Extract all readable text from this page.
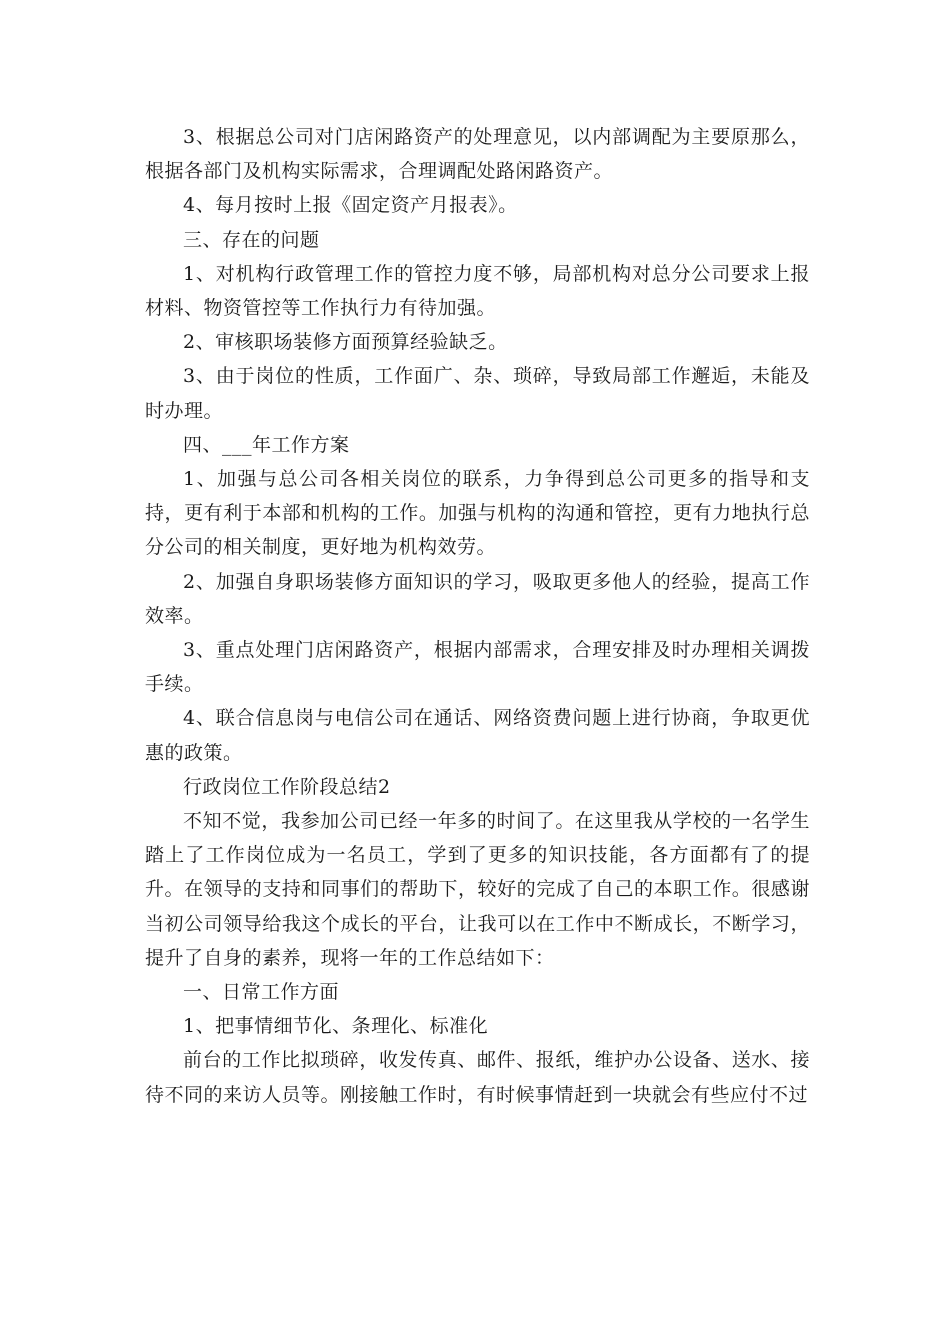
3、根据总公司对门店闲路资产的处理意见，以内部调配为主要原那么，根据各部门及机构实际需求，合理调配处路闲路资产。

4、每月按时上报《固定资产月报表》。

三、存在的问题

1、对机构行政管理工作的管控力度不够，局部机构对总分公司要求上报材料、物资管控等工作执行力有待加强。

2、审核职场装修方面预算经验缺乏。

3、由于岗位的性质，工作面广、杂、琐碎，导致局部工作邂逅，未能及时办理。

四、___年工作方案

1、加强与总公司各相关岗位的联系，力争得到总公司更多的指导和支持，更有利于本部和机构的工作。加强与机构的沟通和管控，更有力地执行总分公司的相关制度，更好地为机构效劳。

2、加强自身职场装修方面知识的学习，吸取更多他人的经验，提高工作效率。

3、重点处理门店闲路资产，根据内部需求，合理安排及时办理相关调拨手续。

4、联合信息岗与电信公司在通话、网络资费问题上进行协商，争取更优惠的政策。

行政岗位工作阶段总结2

不知不觉，我参加公司已经一年多的时间了。在这里我从学校的一名学生踏上了工作岗位成为一名员工，学到了更多的知识技能，各方面都有了的提升。在领导的支持和同事们的帮助下，较好的完成了自己的本职工作。很感谢当初公司领导给我这个成长的平台，让我可以在工作中不断成长，不断学习，提升了自身的素养，现将一年的工作总结如下：

一、日常工作方面

1、把事情细节化、条理化、标准化

前台的工作比拟琐碎，收发传真、邮件、报纸，维护办公设备、送水、接待不同的来访人员等。刚接触工作时，有时候事情赶到一块就会有些应付不过
